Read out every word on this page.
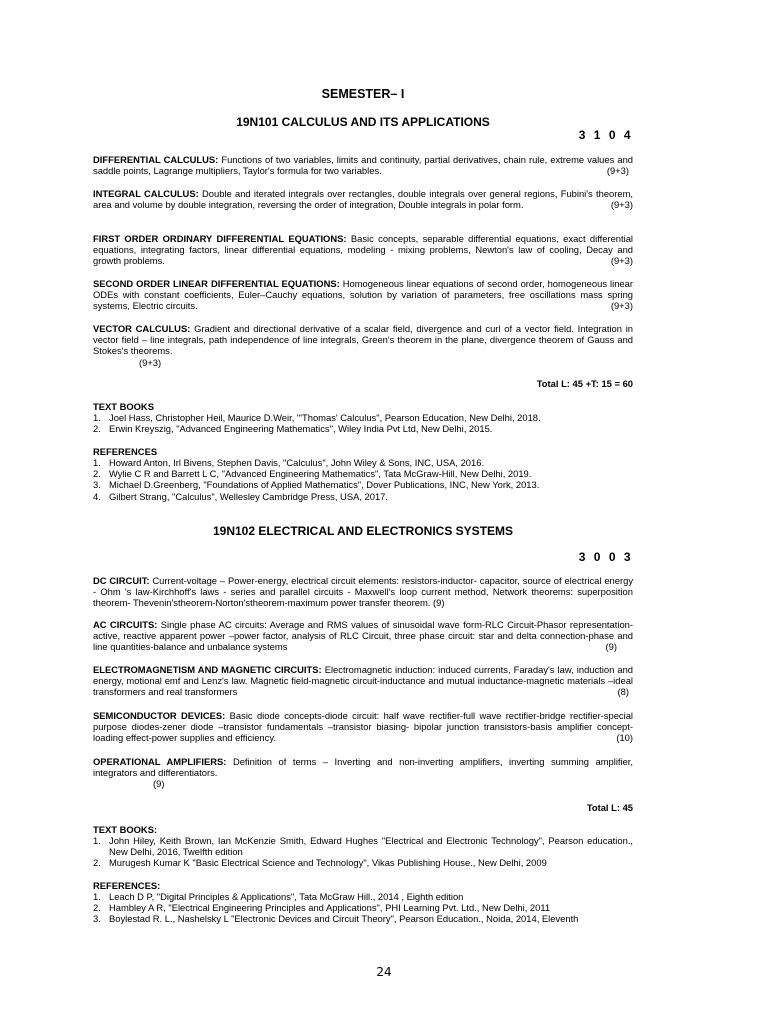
SEMESTER– I
19N101 CALCULUS AND ITS APPLICATIONS
3 1 0 4
DIFFERENTIAL CALCULUS: Functions of two variables, limits and continuity, partial derivatives, chain rule, extreme values and saddle points, Lagrange multipliers, Taylor's formula for two variables.	(9+3)
INTEGRAL CALCULUS: Double and iterated integrals over rectangles, double integrals over general regions, Fubini's theorem, area and volume by double integration, reversing the order of integration, Double integrals in polar form.	(9+3)
FIRST ORDER ORDINARY DIFFERENTIAL EQUATIONS: Basic concepts, separable differential equations, exact differential equations, integrating factors, linear differential equations, modeling - mixing problems, Newton's law of cooling, Decay and growth problems.	(9+3)
SECOND ORDER LINEAR DIFFERENTIAL EQUATIONS: Homogeneous linear equations of second order, homogeneous linear ODEs with constant coefficients, Euler–Cauchy equations, solution by variation of parameters, free oscillations mass spring systems, Electric circuits.	(9+3)
VECTOR CALCULUS: Gradient and directional derivative of a scalar field, divergence and curl of a vector field. Integration in vector field – line integrals, path independence of line integrals, Green's theorem in the plane, divergence theorem of Gauss and Stokes's theorems.
(9+3)
Total L: 45 +T: 15 = 60
TEXT BOOKS
1. Joel Hass, Christopher Heil, Maurice D.Weir, "'Thomas' Calculus", Pearson Education, New Delhi, 2018.
2. Erwin Kreyszig, "Advanced Engineering Mathematics", Wiley India Pvt Ltd, New Delhi, 2015.
REFERENCES
1. Howard Anton, Irl Bivens, Stephen Davis, "Calculus", John Wiley & Sons, INC, USA, 2016.
2. Wylie C R and Barrett L C, "Advanced Engineering Mathematics", Tata McGraw-Hill, New Delhi, 2019.
3. Michael D.Greenberg, "Foundations of Applied Mathematics", Dover Publications, INC, New York, 2013.
4. Gilbert Strang, "Calculus", Wellesley Cambridge Press, USA, 2017.
19N102 ELECTRICAL AND ELECTRONICS SYSTEMS
3 0 0 3
DC CIRCUIT: Current-voltage – Power-energy, electrical circuit elements: resistors-inductor- capacitor, source of electrical energy - Ohm 's law-Kirchhoff's laws - series and parallel circuits - Maxwell's loop current method, Network theorems: superposition theorem- Thevenin'stheorem-Norton'stheorem-maximum power transfer theorem. (9)
AC CIRCUITS: Single phase AC circuits: Average and RMS values of sinusoidal wave form-RLC Circuit-Phasor representation-active, reactive apparent power –power factor, analysis of RLC Circuit, three phase circuit: star and delta connection-phase and line quantities-balance and unbalance systems	(9)
ELECTROMAGNETISM AND MAGNETIC CIRCUITS: Electromagnetic induction: induced currents, Faraday's law, induction and energy, motional emf and Lenz's law. Magnetic field-magnetic circuit-inductance and mutual inductance-magnetic materials –ideal transformers and real transformers	(8)
SEMICONDUCTOR DEVICES: Basic diode concepts-diode circuit: half wave rectifier-full wave rectifier-bridge rectifier-special purpose diodes-zener diode –transistor fundamentals –transistor biasing- bipolar junction transistors-basis amplifier concept-loading effect-power supplies and efficiency.	(10)
OPERATIONAL AMPLIFIERS: Definition of terms – Inverting and non-inverting amplifiers, inverting summing amplifier, integrators and differentiators.
(9)
Total L: 45
TEXT BOOKS:
1. John Hiley, Keith Brown, Ian McKenzie Smith, Edward Hughes "Electrical and Electronic Technology", Pearson education., New Delhi, 2016, Twelfth edition
2. Murugesh Kumar K "Basic Electrical Science and Technology", Vikas Publishing House., New Delhi, 2009
REFERENCES:
1. Leach D P, "Digital Principles & Applications", Tata McGraw Hill., 2014 , Eighth edition
2. Hambley A R, "Electrical Engineering Principles and Applications", PHI Learning Pvt. Ltd., New Delhi, 2011
3. Boylestad R. L., Nashelsky L "Electronic Devices and Circuit Theory", Pearson Education., Noida, 2014, Eleventh
24
